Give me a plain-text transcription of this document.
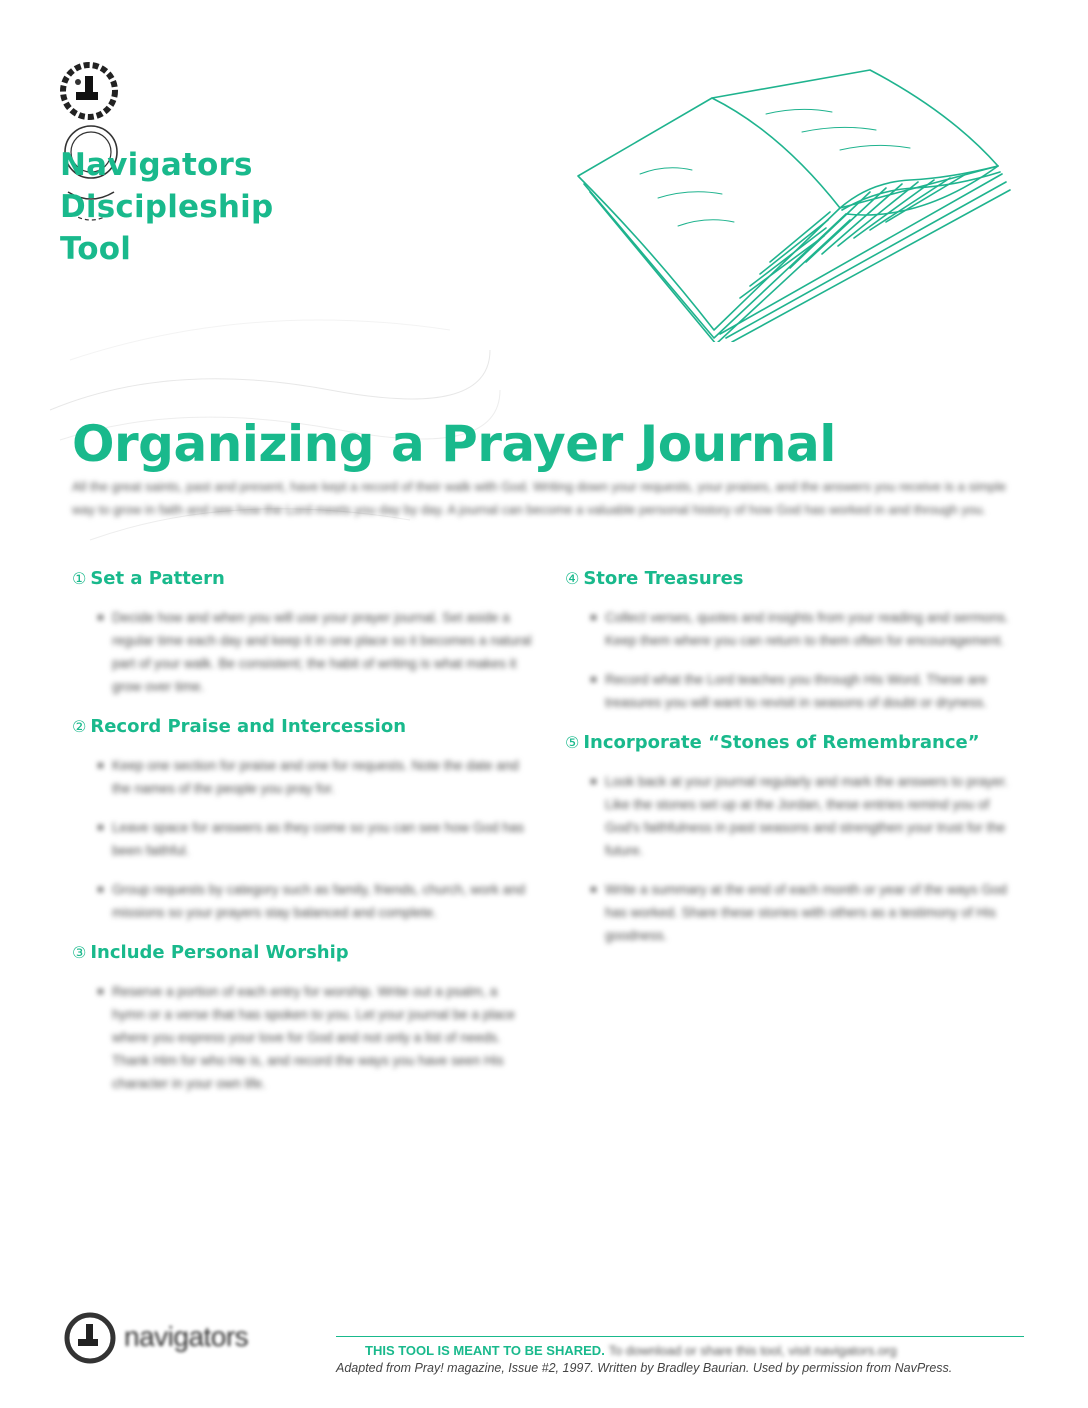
Navigators
Discipleship
Tool
Organizing a Prayer Journal

All the great saints, past and present, have kept a record of their walk with God. Writing down your requests, your praises, and the answers you receive is a simple way to grow in faith and see how the Lord meets you day by day. A journal can become a valuable personal history of how God has worked in and through you.

① Set a Pattern
Decide how and when you will use your prayer journal. Set aside a regular time each day and keep it in one place so it becomes a natural part of your walk. Be consistent; the habit of writing is what makes it grow over time.
② Record Praise and Intercession
Keep one section for praise and one for requests. Note the date and the names of the people you pray for.
Leave space for answers as they come so you can see how God has been faithful.
Group requests by category such as family, friends, church, work and missions so your prayers stay balanced and complete.
③ Include Personal Worship
Reserve a portion of each entry for worship. Write out a psalm, a hymn or a verse that has spoken to you. Let your journal be a place where you express your love for God and not only a list of needs. Thank Him for who He is, and record the ways you have seen His character in your own life.
④ Store Treasures
Collect verses, quotes and insights from your reading and sermons. Keep them where you can return to them often for encouragement.
Record what the Lord teaches you through His Word. These are treasures you will want to revisit in seasons of doubt or dryness.
⑤ Incorporate “Stones of Remembrance”
Look back at your journal regularly and mark the answers to prayer. Like the stones set up at the Jordan, these entries remind you of God's faithfulness in past seasons and strengthen your trust for the future.
Write a summary at the end of each month or year of the ways God has worked. Share these stories with others as a testimony of His goodness.
navigators	THIS TOOL IS MEANT TO BE SHARED. To download or share this tool, visit navigators.org
Adapted from Pray! magazine, Issue #2, 1997. Written by Bradley Baurian. Used by permission from NavPress.
